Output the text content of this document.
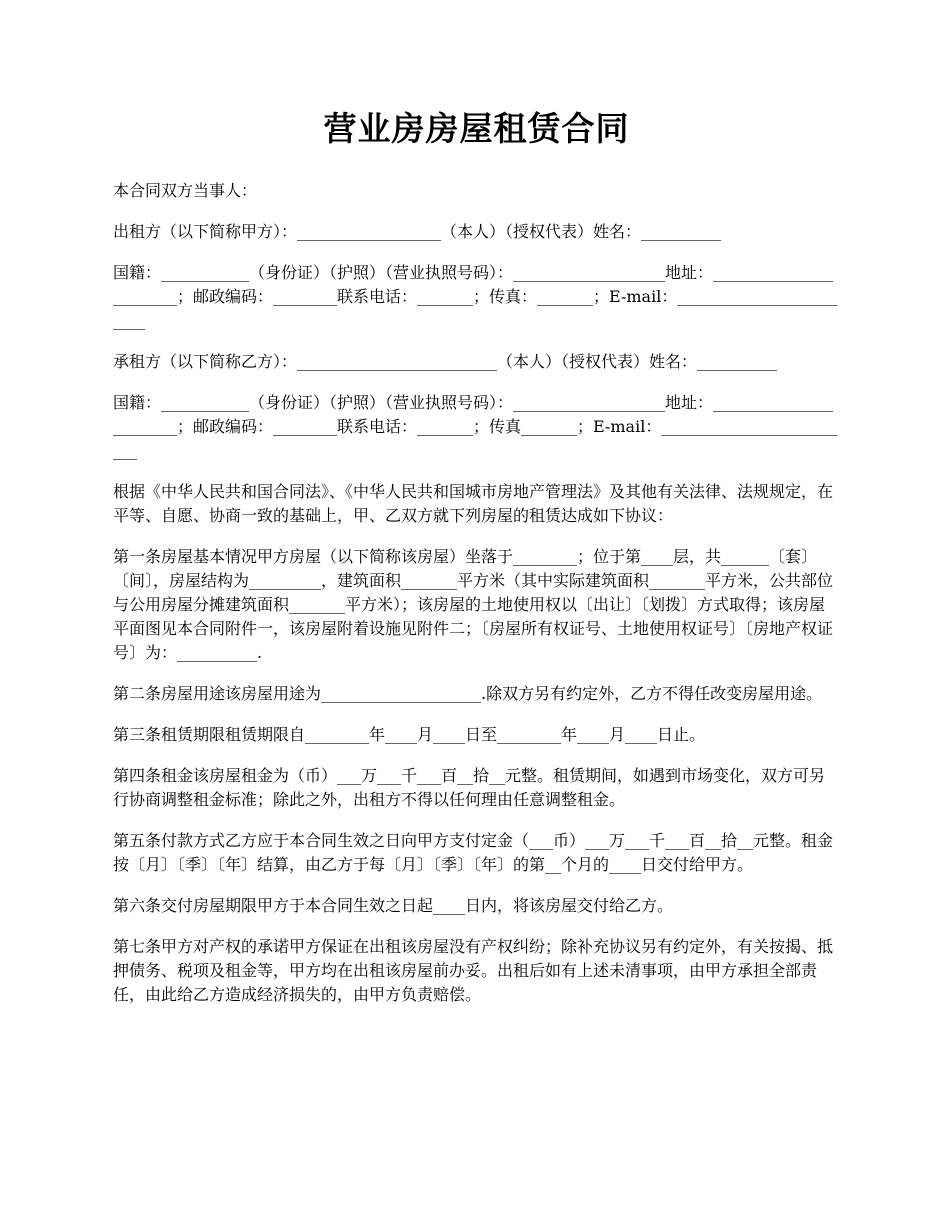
营业房房屋租赁合同

本合同双方当事人：

出租方（以下简称甲方）：__________________（本人）（授权代表）姓名：__________

国籍：___________（身份证）（护照）（营业执照号码）：___________________地址：_______________________；邮政编码：________联系电话：_______；传真：_______；E-mail：________________________

承租方（以下简称乙方）：_________________________（本人）（授权代表）姓名：__________

国籍：___________（身份证）（护照）（营业执照号码）：___________________地址：_______________________；邮政编码：________联系电话：_______；传真_______；E-mail：_________________________

根据《中华人民共和国合同法》、《中华人民共和国城市房地产管理法》及其他有关法律、法规规定，在平等、自愿、协商一致的基础上，甲、乙双方就下列房屋的租赁达成如下协议：

第一条房屋基本情况甲方房屋（以下简称该房屋）坐落于________；位于第____层，共______〔套〕〔间〕，房屋结构为_________，建筑面积_______平方米（其中实际建筑面积_______平方米，公共部位与公用房屋分摊建筑面积_______平方米）；该房屋的土地使用权以〔出让〕〔划拨〕方式取得；该房屋平面图见本合同附件一，该房屋附着设施见附件二；〔房屋所有权证号、土地使用权证号〕〔房地产权证号〕为：__________.

第二条房屋用途该房屋用途为____________________.除双方另有约定外，乙方不得任改变房屋用途。

第三条租赁期限租赁期限自________年____月____日至________年____月____日止。

第四条租金该房屋租金为（币）___万___千___百__拾__元整。租赁期间，如遇到市场变化，双方可另行协商调整租金标准；除此之外，出租方不得以任何理由任意调整租金。

第五条付款方式乙方应于本合同生效之日向甲方支付定金（___币）___万___千___百__拾__元整。租金按〔月〕〔季〕〔年〕结算，由乙方于每〔月〕〔季〕〔年〕的第__个月的____日交付给甲方。

第六条交付房屋期限甲方于本合同生效之日起____日内，将该房屋交付给乙方。

第七条甲方对产权的承诺甲方保证在出租该房屋没有产权纠纷；除补充协议另有约定外，有关按揭、抵押债务、税项及租金等，甲方均在出租该房屋前办妥。出租后如有上述未清事项，由甲方承担全部责任，由此给乙方造成经济损失的，由甲方负责赔偿。
